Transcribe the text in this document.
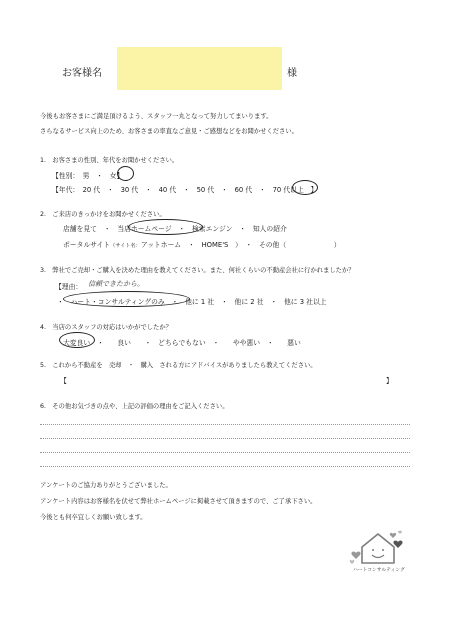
お客様名	様
今後もお客さまにご満足頂けるよう、スタッフ一丸となって努力してまいります。
さらなるサービス向上のため、お客さまの率直なご意見・ご感想などをお聞かせください。
1.　お客さまの性別、年代をお聞かせください。
【性別：　男　・　女】
【年代：　20 代　・　30 代　・　40 代　・　50 代　・　60 代　・　70 代以上　】
2.　ご来店のきっかけをお聞かせください。
店舗を見て　・　当店ホームページ　・　検索エンジン　・　知人の紹介
ポータルサイト（サイト名：アットホーム　・　HOME'S　）　・　その他（　　　　　　　）
3.　弊社でご売却・ご購入を決めた理由を教えてください。また、何社くらいの不動産会社に行かれましたか？
【理由： 信頼できたから。
・　ハート・コンサルティングのみ　・　他に 1 社　・　他に 2 社　・　他に 3 社以上
4.　当店のスタッフの対応はいかがでしたか？
大変良い　・　　良い　　・　どちらでもない　・　　やや悪い　・　　悪い
5.　これから不動産を　売却　・　購入　される方にアドバイスがありましたら教えてください。
【	】
6.　その他お気づきの点や、上記の評価の理由をご記入ください。
アンケートのご協力ありがとうございました。
アンケート内容はお客様名を伏せて弊社ホームページに掲載させて頂きますので、ご了承下さい。
今後とも何卒宜しくお願い致します。
ハートコンサルティング
